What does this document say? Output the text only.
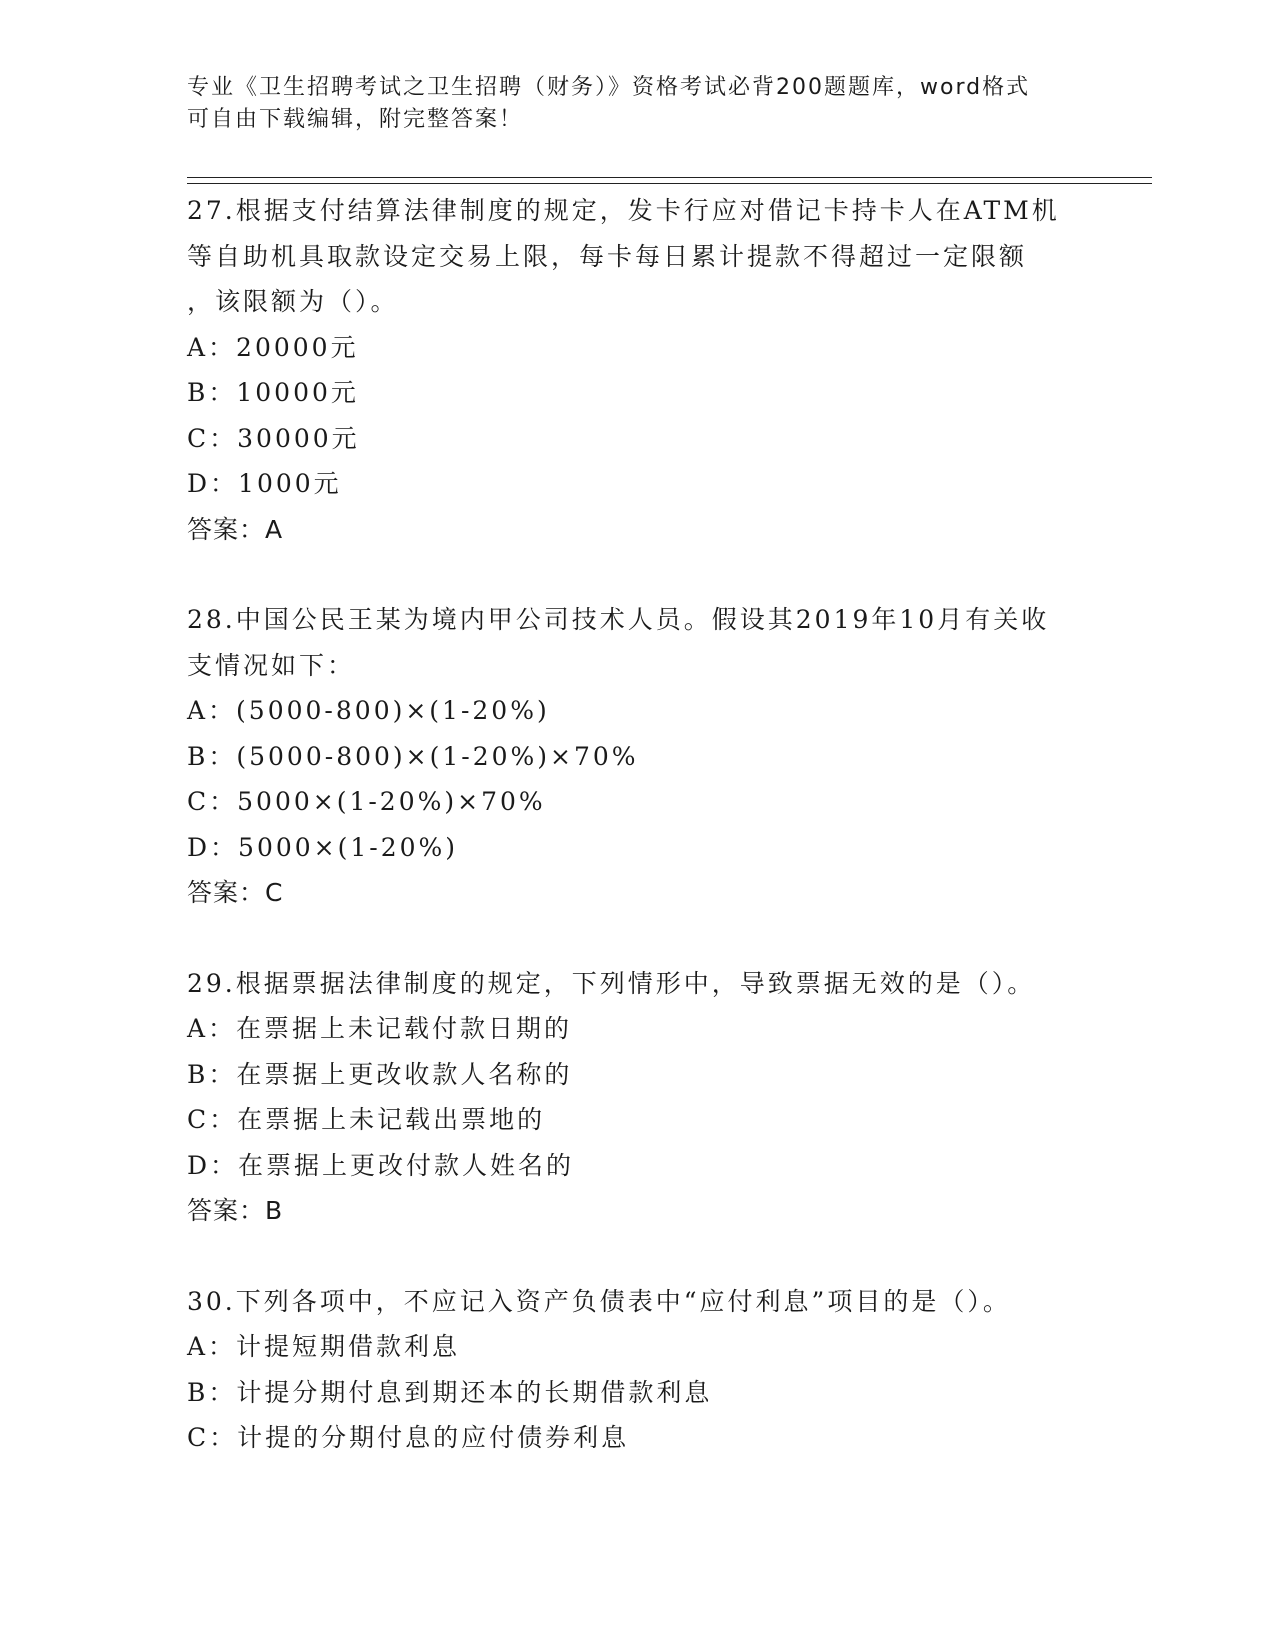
专业《卫生招聘考试之卫生招聘（财务）》资格考试必背200题题库，word格式
可自由下载编辑，附完整答案！
27.根据支付结算法律制度的规定，发卡行应对借记卡持卡人在ATM机
等自助机具取款设定交易上限，每卡每日累计提款不得超过一定限额
，该限额为（）。
A：20000元
B：10000元
C：30000元
D：1000元
答案：A
28.中国公民王某为境内甲公司技术人员。假设其2019年10月有关收
支情况如下：
A：(5000-800)×(1-20%)
B：(5000-800)×(1-20%)×70%
C：5000×(1-20%)×70%
D：5000×(1-20%)
答案：C
29.根据票据法律制度的规定，下列情形中，导致票据无效的是（）。
A：在票据上未记载付款日期的
B：在票据上更改收款人名称的
C：在票据上未记载出票地的
D：在票据上更改付款人姓名的
答案：B
30.下列各项中，不应记入资产负债表中“应付利息”项目的是（）。
A：计提短期借款利息
B：计提分期付息到期还本的长期借款利息
C：计提的分期付息的应付债券利息
